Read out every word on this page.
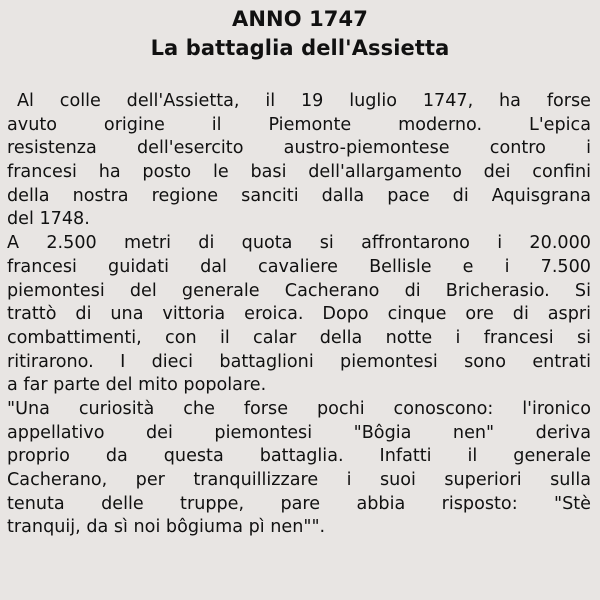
ANNO 1747
La battaglia dell'Assietta
Al colle dell'Assietta, il 19 luglio 1747, ha forse
avuto origine il Piemonte moderno. L'epica
resistenza dell'esercito austro-piemontese contro i
francesi ha posto le basi dell'allargamento dei confini
della nostra regione sanciti dalla pace di Aquisgrana
del 1748.
A 2.500 metri di quota si affrontarono i 20.000
francesi guidati dal cavaliere Bellisle e i 7.500
piemontesi del generale Cacherano di Bricherasio. Si
trattò di una vittoria eroica. Dopo cinque ore di aspri
combattimenti, con il calar della notte i francesi si
ritirarono. I dieci battaglioni piemontesi sono entrati
a far parte del mito popolare.
"Una curiosità che forse pochi conoscono: l'ironico
appellativo dei piemontesi "Bôgia nen" deriva
proprio da questa battaglia. Infatti il generale
Cacherano, per tranquillizzare i suoi superiori sulla
tenuta delle truppe, pare abbia risposto: "Stè
tranquij, da sì noi bôgiuma pì nen"".
